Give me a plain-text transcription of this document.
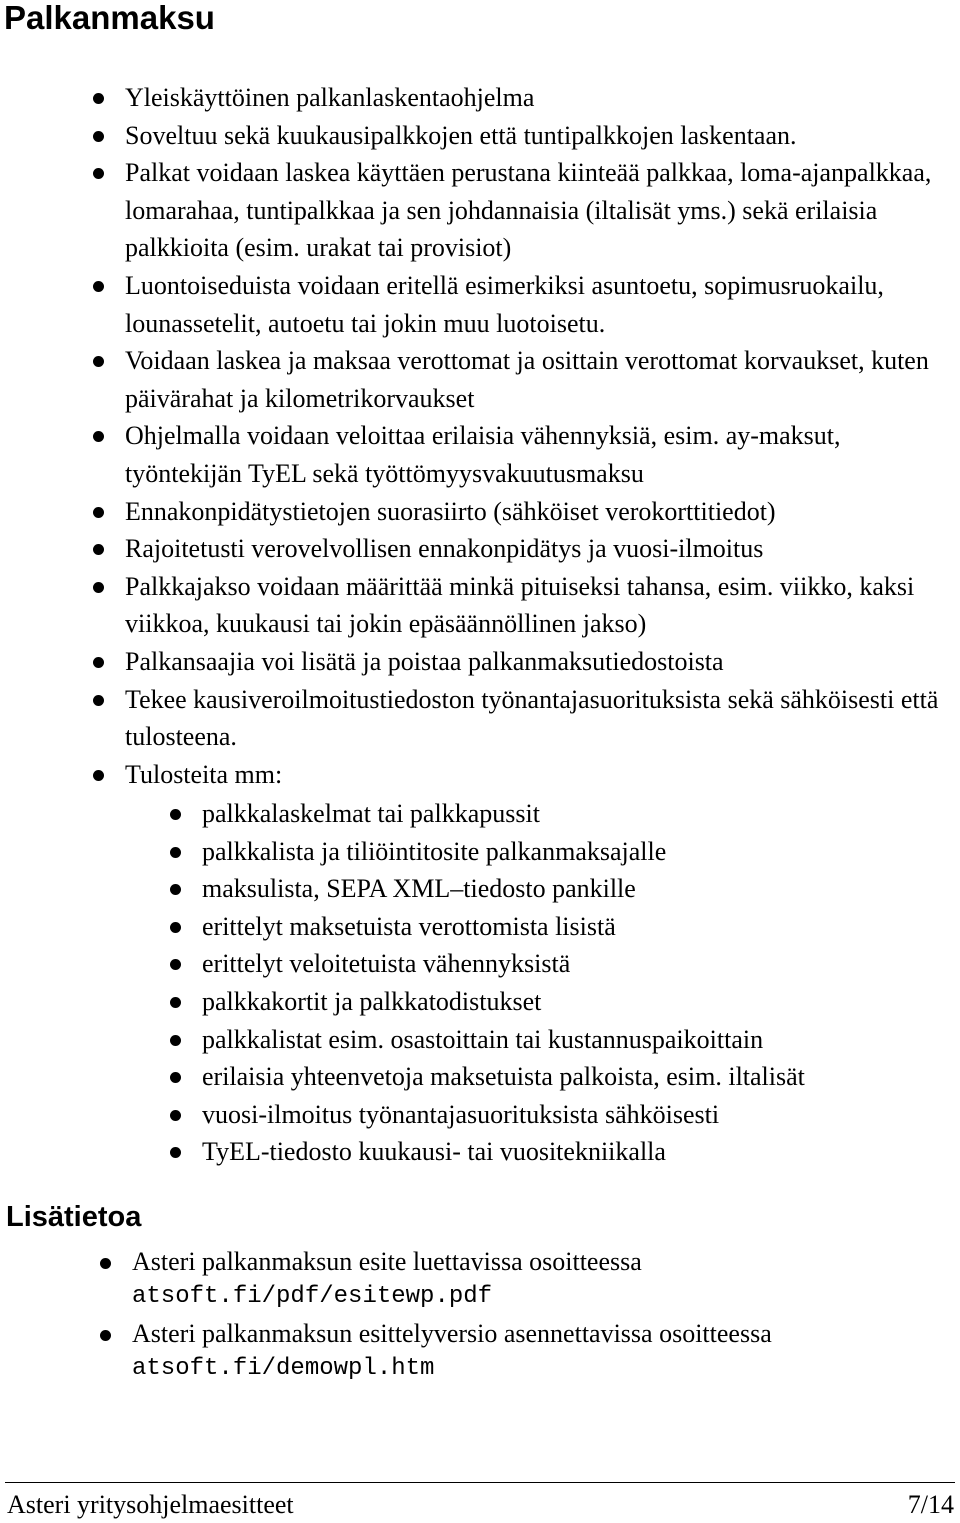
Palkanmaksu
Yleiskäyttöinen palkanlaskentaohjelma
Soveltuu sekä kuukausipalkkojen että tuntipalkkojen laskentaan.
Palkat voidaan laskea käyttäen perustana kiinteää palkkaa, loma-ajanpalkkaa, lomarahaa, tuntipalkkaa ja sen johdannaisia (iltalisät yms.) sekä erilaisia palkkioita (esim. urakat tai provisiot)
Luontoiseduista voidaan eritellä esimerkiksi asuntoetu, sopimusruokailu, lounassetelit, autoetu tai jokin muu luotoisetu.
Voidaan laskea ja maksaa verottomat ja osittain verottomat korvaukset, kuten päivärahat ja kilometrikorvaukset
Ohjelmalla voidaan veloittaa erilaisia vähennyksiä, esim. ay-maksut, työntekijän TyEL sekä työttömyysvakuutusmaksu
Ennakonpidätystietojen suorasiirto (sähköiset verokorttitiedot)
Rajoitetusti verovelvollisen ennakonpidätys ja vuosi-ilmoitus
Palkkajakso voidaan määrittää minkä pituiseksi tahansa, esim. viikko, kaksi viikkoa, kuukausi tai jokin epäsäännöllinen jakso)
Palkansaajia voi lisätä ja poistaa palkanmaksutiedostoista
Tekee kausiveroilmoitustiedoston työnantajasuorituksista sekä sähköisesti että tulosteena.
Tulosteita mm:
palkkalaskelmat tai palkkapussit
palkkalista ja tiliöintitosite palkanmaksajalle
maksulista, SEPA XML–tiedosto pankille
erittelyt maksetuista verottomista lisistä
erittelyt veloitetuista vähennyksistä
palkkakortit ja palkkatodistukset
palkkalistat esim. osastoittain tai kustannuspaikoittain
erilaisia yhteenvetoja maksetuista palkoista, esim. iltalisät
vuosi-ilmoitus työnantajasuorituksista sähköisesti
TyEL-tiedosto kuukausi- tai vuositekniikalla
Lisätietoa
Asteri palkanmaksun esite luettavissa osoitteessa
atsoft.fi/pdf/esitewp.pdf
Asteri palkanmaksun esittelyversio asennettavissa osoitteessa
atsoft.fi/demowpl.htm
Asteri yritysohjelmaesitteet	7/14
